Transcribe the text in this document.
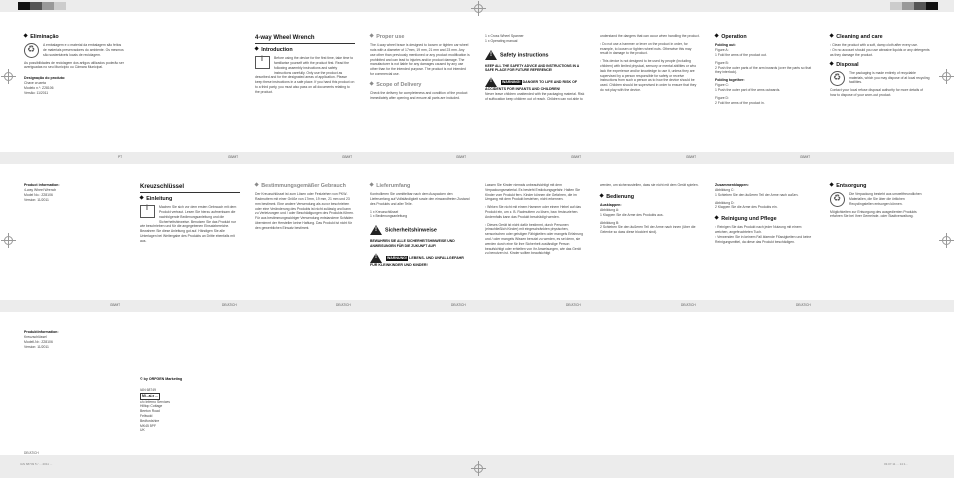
Eliminação
♻
A embalagem e o material da embalagem são feitos de materiais preservadores do ambiente. Os mesmos são sustentáveis locais de reciclagem.
As possibilidades de reciclagem dos artigos utilizados poderão ser averiguadas no seu Município ou Câmara Municipal.
Designação do produto:
Chave cruzeta
Modelo n.º: Z28106
Versão: 11/2011
4-way Wheel Wrench
Introduction
i
Before using the device for the first time, take time to familiarise yourself with the product first. Read the following assembly instructions and safety instructions carefully. Only use the product as described and for the designated areas of application. Please keep these instructions in a safe place. If you hand this product on to a third party, you must also pass on all documents relating to the product.
Proper use
The 4-way wheel brace is designed to loosen or tighten car wheel nuts with a diameter of 17mm, 19 mm, 21 mm and 23 mm. Any use other than previously mentioned or any product modification is prohibited and can lead to injuries and/or product damage. The manufacturer is not liable for any damages caused by any use other than for the intended purpose. The product is not intended for commercial use.
Scope of Delivery
Check the delivery for completeness and condition of the product immediately after opening and ensure all parts are included.
1 x Cross Wheel Spanner
1 x Operating manual
!Safety instructions
KEEP ALL THE SAFETY ADVICE AND INSTRUCTIONS IN A SAFE PLACE FOR FUTURE REFERENCE!
! WARNING! DANGER TO LIFE AND RISK OF ACCIDENTS FOR INFANTS AND CHILDREN!
Never leave children unattended with the packaging material. Risk of suffocation keep children out of reach. Children can not able to
understand the dangers that can occur when handling the product.
▫ Do not use a hammer or lever on the product in order, for example, to loosen or tighten wheel nuts. Otherwise this may result in damage to the product.
▫ This device is not designed to be used by people (including children) with limited physical, sensory or mental abilities or who lack the experience and/or knowledge to use it, unless they are supervised by a person responsible for safety or receive instructions from such a person as to how the device should be used. Children should be supervised in order to ensure that they do not play with the device.
Operation
Folding out:
Figure A:
1 Fold the arms of the product out.
Figure B:
2 Push the outer parts of the arm inwards (over the parts so that they interlock).
Folding together:
Figure C:
1 Push the outer part of the arms outwards.
Figure D:
2 Fold the arms of the product in.
Cleaning and care
▫ Clean the product with a soft, damp cloth after every use.
▫ On no account should you use abrasive liquids or any detergents as they damage the product.
Disposal
♻
The packaging is made entirely of recyclable materials, which you may dispose of at local recycling facilities.
Contact your local refuse disposal authority for more details of how to dispose of your worn-out product.
PT	GB/MT	GB/MT	GB/MT	GB/MT	GB/MT	GB/MT
Product information:
4-way Wheel Wrench
Model No.: Z28106
Version: 11/2011
Kreuzschlüssel
Einleitung
i
Machen Sie sich vor dem ersten Gebrauch mit dem Produkt vertraut. Lesen Sie hierzu aufmerksam die nachfolgende Bedienungsanleitung und die Sicherheitshinweise. Benutzen Sie das Produkt nur wie beschrieben und für die angegebenen Einsatzbereiche. Bewahren Sie diese Anleitung gut auf. Händigen Sie alle Unterlagen bei Weitergabe des Produkts an Dritte ebenfalls mit aus.
Bestimmungsgemäßer Gebrauch
Der Kreuzschlüssel ist zum Lösen oder Festziehen von PKW-Radmuttern mit einer Größe von 17mm, 19 mm, 21 mm und 23 mm bestimmt. Eine andere Verwendung als zuvor beschrieben oder eine Veränderung des Produkts ist nicht zulässig und kann zu Verletzungen und / oder Beschädigungen des Produkts führen. Für aus bestimmungswidriger Verwendung entstandene Schäden übernimmt der Hersteller keine Haftung. Das Produkt ist nicht für den gewerblichen Einsatz bestimmt.
Lieferumfang
Kontrollieren Sie unmittelbar nach dem Auspacken den Lieferumfang auf Vollständigkeit sowie den einwandfreien Zustand des Produkts und aller Teile.
1 x Kreuzschlüssel
1 x Bedienungsanleitung
!Sicherheitshinweise
BEWAHREN SIE ALLE SICHERHEITSHINWEISE UND ANWEISUNGEN FÜR DIE ZUKUNFT AUF!
! WARNUNG! LEBENS- UND UNFALLGEFAHR FÜR KLEINKINDER UND KINDER!
Lassen Sie Kinder niemals unbeaufsichtigt mit dem Verpackungsmaterial. Es besteht Erstickungsgefahr. Halten Sie Kinder vom Produkt fern. Kinder können die Gefahren, die im Umgang mit dem Produkt bestehen, nicht erkennen.
▫ Wirken Sie nicht mit einem Hammer oder einem Hebel auf das Produkt ein, um z. B. Radmuttern zu lösen, bzw. festzuziehen. Andernfalls kann das Produkt beschädigt werden.
▫ Dieses Gerät ist nicht dafür bestimmt, durch Personen (einschließlich Kinder) mit eingeschränkten physischen, sensorischen oder geistigen Fähigkeiten oder mangels Erfahrung und / oder mangels Wissen benutzt zu werden, es sei denn, sie werden durch eine für ihre Sicherheit zuständige Person beaufsichtigt oder erhielten von ihr Anweisungen, wie das Gerät zu benutzen ist. Kinder sollten beaufsichtigt
werden, um sicherzustellen, dass sie nicht mit dem Gerät spielen.
Bedienung
Ausklappen:
Abbildung A:
1 Klappen Sie die Arme des Produkts aus.
Abbildung B:
2 Schieben Sie den äußeren Teil der Arme nach innen (über die Gelenke so dass diese blockiert sind).
Zusammenklappen:
Abbildung C:
1 Schieben Sie den äußeren Teil der Arme nach außen.
Abbildung D:
2 Klappen Sie die Arme des Produkts ein.
Reinigung und Pflege
▫ Reinigen Sie das Produkt nach jeder Nutzung mit einem weichen, angefeuchteten Tuch.
▫ Verwenden Sie in keinem Fall ätzende Flüssigkeiten und keine Reinigungsmittel, da diese das Produkt beschädigen.
Entsorgung
♻
Die Verpackung besteht aus umweltfreundlichen Materialien, die Sie über die örtlichen Recyclingstellen entsorgen können.
Möglichkeiten zur Entsorgung des ausgedienten Produkts erfahren Sie bei Ihrer Gemeinde- oder Stadtverwaltung.
GB/MT	DE/AT/CH	DE/AT/CH	DE/AT/CH	DE/AT/CH	DE/AT/CH	DE/AT/CH
Produktinformation:
Kreuzschlüssel
Modell-Nr.: Z28106
Version: 11/2011
© by ORFGEN Marketing
IAN 68749
Mi...ai.x ...
c/o Inferno Services
Hilltop Cottage
Beeton Road
Fellwold
Bedfordshire
MK45 5PF
UK
DE/AT/CH
IAN 68749 5 / ... 2011 ...	03.07.11 ... 14:1...
